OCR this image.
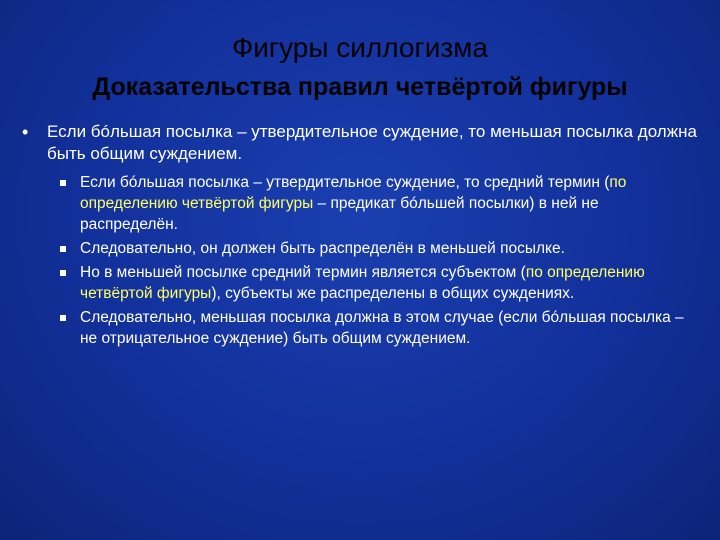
Фигуры силлогизма
Доказательства правил четвёртой фигуры
• Если бóльшая посылка – утвердительное суждение, то меньшая посылка должна быть общим суждением.
Если бóльшая посылка – утвердительное суждение, то средний термин (по определению четвёртой фигуры – предикат бóльшей посылки) в ней не распределён.
Следовательно, он должен быть распределён в меньшей посылке.
Но в меньшей посылке средний термин является субъектом (по определению четвёртой фигуры), субъекты же распределены в общих суждениях.
Следовательно, меньшая посылка должна в этом случае (если бóльшая посылка – не отрицательное суждение) быть общим суждением.
